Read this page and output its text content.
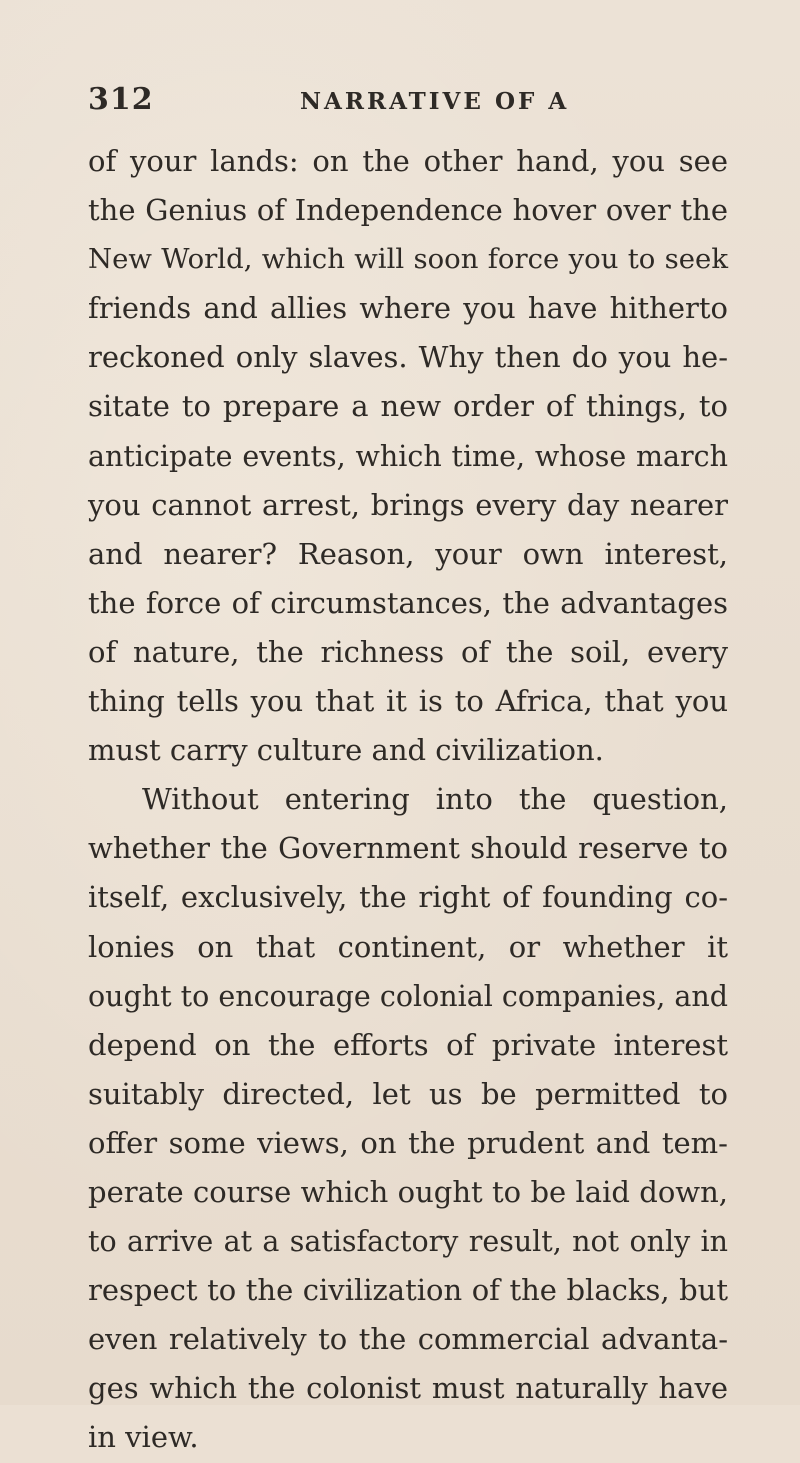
312	NARRATIVE OF A
of your lands: on the other hand, you see
the Genius of Independence hover over the
New World, which will soon force you to seek
friends and allies where you have hitherto
reckoned only slaves. Why then do you he-
sitate to prepare a new order of things, to
anticipate events, which time, whose march
you cannot arrest, brings every day nearer
and nearer? Reason, your own interest,
the force of circumstances, the advantages
of nature, the richness of the soil, every
thing tells you that it is to Africa, that you
must carry culture and civilization.
Without entering into the question,
whether the Government should reserve to
itself, exclusively, the right of founding co-
lonies on that continent, or whether it
ought to encourage colonial companies, and
depend on the efforts of private interest
suitably directed, let us be permitted to
offer some views, on the prudent and tem-
perate course which ought to be laid down,
to arrive at a satisfactory result, not only in
respect to the civilization of the blacks, but
even relatively to the commercial advanta-
ges which the colonist must naturally have
in view.
